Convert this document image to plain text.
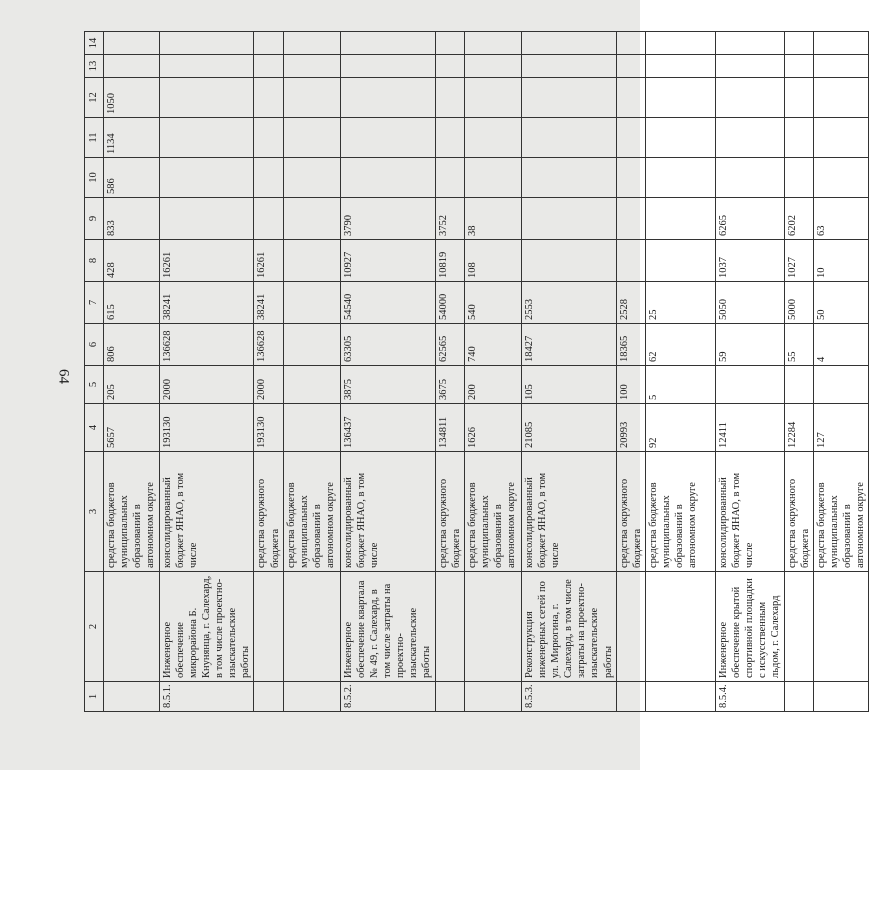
64
1	2	3	4	5	6	7	8	9	10	11	12	13	14
		средства бюджетов муниципальных образований в автономном округе	5657	205	806	615	428	833	586	1134	1050		
8.5.1.	Инженерное обеспечение микрорайона Б. Кнунянца, г. Салехард, в том числе проектно-изыскательские работы	консолидированный бюджет ЯНАО, в том числе	193130	2000	136628	38241	16261						
		средства окружного бюджета	193130	2000	136628	38241	16261						
		средства бюджетов муниципальных образований в автономном округе											
8.5.2.	Инженерное обеспечение квартала № 49, г. Салехард, в том числе затраты на проектно-изыскательские работы	консолидированный бюджет ЯНАО, в том числе	136437	3875	63305	54540	10927	3790					
		средства окружного бюджета	134811	3675	62565	54000	10819	3752					
		средства бюджетов муниципальных образований в автономном округе	1626	200	740	540	108	38					
8.5.3.	Реконструкция инженерных сетей по ул. Мирюгина, г. Салехард, в том числе затраты на проектно-изыскательские работы	консолидированный бюджет ЯНАО, в том числе	21085	105	18427	2553							
		средства окружного бюджета	20993	100	18365	2528							
		средства бюджетов муниципальных образований в автономном округе	92	5	62	25							
8.5.4.	Инженерное обеспечение крытой спортивной площадки с искусственным льдом, г. Салехард	консолидированный бюджет ЯНАО, в том числе	12411		59	5050	1037	6265					
		средства окружного бюджета	12284		55	5000	1027	6202					
		средства бюджетов муниципальных образований в автономном округе	127		4	50	10	63					
